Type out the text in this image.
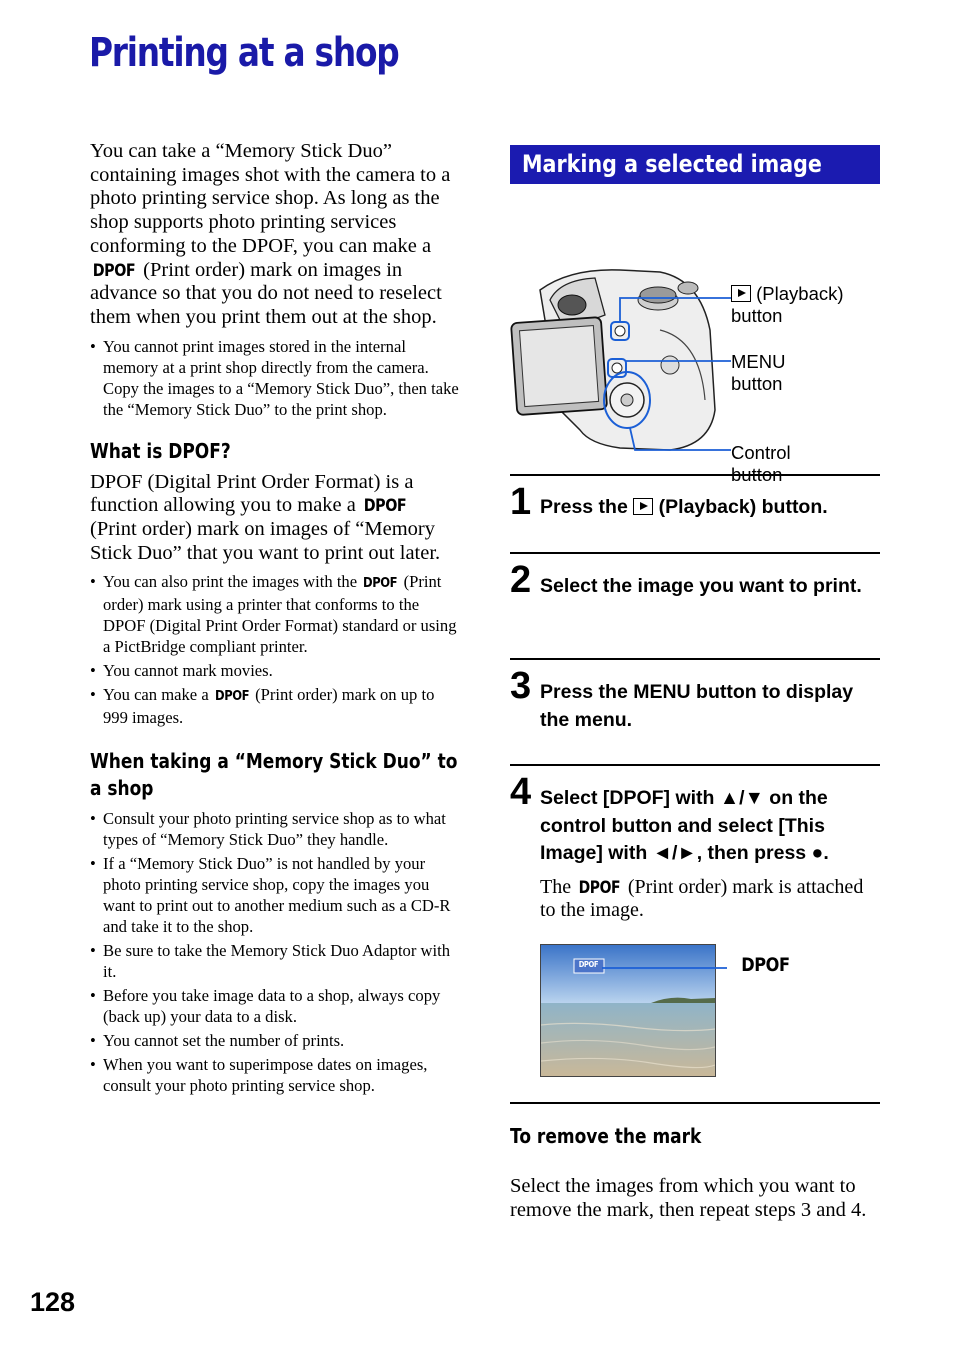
Printing at a shop

You can take a “Memory Stick Duo” containing images shot with the camera to a photo printing service shop. As long as the shop supports photo printing services conforming to the DPOF, you can make a DPOF (Print order) mark on images in advance so that you do not need to reselect them when you print them out at the shop.

• You cannot print images stored in the internal memory at a print shop directly from the camera. Copy the images to a “Memory Stick Duo”, then take the “Memory Stick Duo” to the print shop.
What is DPOF?

DPOF (Digital Print Order Format) is a function allowing you to make a DPOF (Print order) mark on images of “Memory Stick Duo” that you want to print out later.

• You can also print the images with the DPOF (Print order) mark using a printer that conforms to the DPOF (Digital Print Order Format) standard or using a PictBridge compliant printer.
• You cannot mark movies.
• You can make a DPOF (Print order) mark on up to 999 images.
When taking a “Memory Stick Duo” to a shop
• Consult your photo printing service shop as to what types of “Memory Stick Duo” they handle.
• If a “Memory Stick Duo” is not handled by your photo printing service shop, copy the images you want to print out to another medium such as a CD-R and take it to the shop.
• Be sure to take the Memory Stick Duo Adaptor with it.
• Before you take image data to a shop, always copy (back up) your data to a disk.
• You cannot set the number of prints.
• When you want to superimpose dates on images, consult your photo printing service shop.
Marking a selected image
(Playback)
button
MENU
button
Control
button
1 Press the (Playback) button.
2 Select the image you want to print.
3 Press the MENU button to display the menu.
4 Select [DPOF] with ▲/▼ on the control button and select [This Image] with ◄/►, then press ●.

The DPOF (Print order) mark is attached to the image.

DPOF	DPOF
To remove the mark

Select the images from which you want to remove the mark, then repeat steps 3 and 4.

128
